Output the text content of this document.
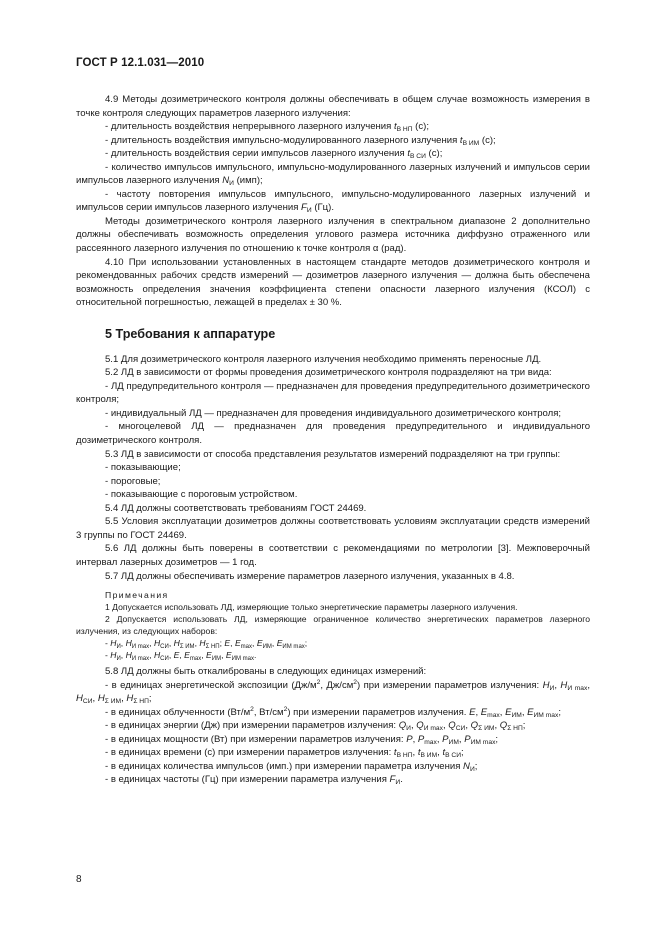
ГОСТ Р 12.1.031—2010
4.9 Методы дозиметрического контроля должны обеспечивать в общем случае возможность измерения в точке контроля следующих параметров лазерного излучения:
- длительность воздействия непрерывного лазерного излучения $t_{В НП}$ (с);
- длительность воздействия импульсно-модулированного лазерного излучения $t_{В ИМ}$ (с);
- длительность воздействия серии импульсов лазерного излучения $t_{В СИ}$ (с);
- количество импульсов импульсного, импульсно-модулированного лазерных излучений и импульсов серии импульсов лазерного излучения $N_И$ (имп);
- частоту повторения импульсов импульсного, импульсно-модулированного лазерных излучений и импульсов серии импульсов лазерного излучения $F_И$ (Гц).
Методы дозиметрического контроля лазерного излучения в спектральном диапазоне 2 дополнительно должны обеспечивать возможность определения углового размера источника диффузно отраженного или рассеянного лазерного излучения по отношению к точке контроля α (рад).
4.10 При использовании установленных в настоящем стандарте методов дозиметрического контроля и рекомендованных рабочих средств измерений — дозиметров лазерного излучения — должна быть обеспечена возможность определения значения коэффициента степени опасности лазерного излучения (КСОЛ) с относительной погрешностью, лежащей в пределах ± 30 %.
5 Требования к аппаратуре
5.1 Для дозиметрического контроля лазерного излучения необходимо применять переносные ЛД.
5.2 ЛД в зависимости от формы проведения дозиметрического контроля подразделяют на три вида:
- ЛД предупредительного контроля — предназначен для проведения предупредительного дозиметрического контроля;
- индивидуальный ЛД — предназначен для проведения индивидуального дозиметрического контроля;
- многоцелевой ЛД — предназначен для проведения предупредительного и индивидуального дозиметрического контроля.
5.3 ЛД в зависимости от способа представления результатов измерений подразделяют на три группы:
- показывающие;
- пороговые;
- показывающие с пороговым устройством.
5.4 ЛД должны соответствовать требованиям ГОСТ 24469.
5.5 Условия эксплуатации дозиметров должны соответствовать условиям эксплуатации средств измерений 3 группы по ГОСТ 24469.
5.6 ЛД должны быть поверены в соответствии с рекомендациями по метрологии [3]. Межповерочный интервал лазерных дозиметров — 1 год.
5.7 ЛД должны обеспечивать измерение параметров лазерного излучения, указанных в 4.8.
Примечания
1 Допускается использовать ЛД, измеряющие только энергетические параметры лазерного излучения.
2 Допускается использовать ЛД, измеряющие ограниченное количество энергетических параметров лазерного излучения, из следующих наборов:
- $H_И$, $H_{И max}$, $H_{СИ}$, $H_{\Sigma ИМ}$, $H_{\Sigma НП}$; E, $E_{max}$, $E_{ИМ}$, $E_{ИМ max}$;
- $H_И$, $H_{И max}$, $H_{СИ}$, E, $E_{max}$, $E_{ИМ}$, $E_{ИМ max}$.
5.8 ЛД должны быть откалиброваны в следующих единицах измерений:
- в единицах энергетической экспозиции ($Дж/м^2$, $Дж/см^2$) при измерении параметров излучения: $H_И$, $H_{И max}$, $H_{СИ}$, $H_{\Sigma ИМ}$, $H_{\Sigma НП}$;
- в единицах облученности ($Вт/м^2$, $Вт/см^2$) при измерении параметров излучения. E, $E_{max}$, $E_{ИМ}$, $E_{ИМ max}$;
- в единицах энергии (Дж) при измерении параметров излучения: $Q_И$, $Q_{И max}$, $Q_{СИ}$, $Q_{\Sigma ИМ}$, $Q_{\Sigma НП}$;
- в единицах мощности (Вт) при измерении параметров излучения: P, $P_{max}$, $P_{ИМ}$, $P_{ИМ max}$;
- в единицах времени (с) при измерении параметров излучения: $t_{В НП}$, $t_{В ИМ}$, $t_{В СИ}$;
- в единицах количества импульсов (имп.) при измерении параметра излучения $N_И$;
- в единицах частоты (Гц) при измерении параметра излучения $F_И$.
8
